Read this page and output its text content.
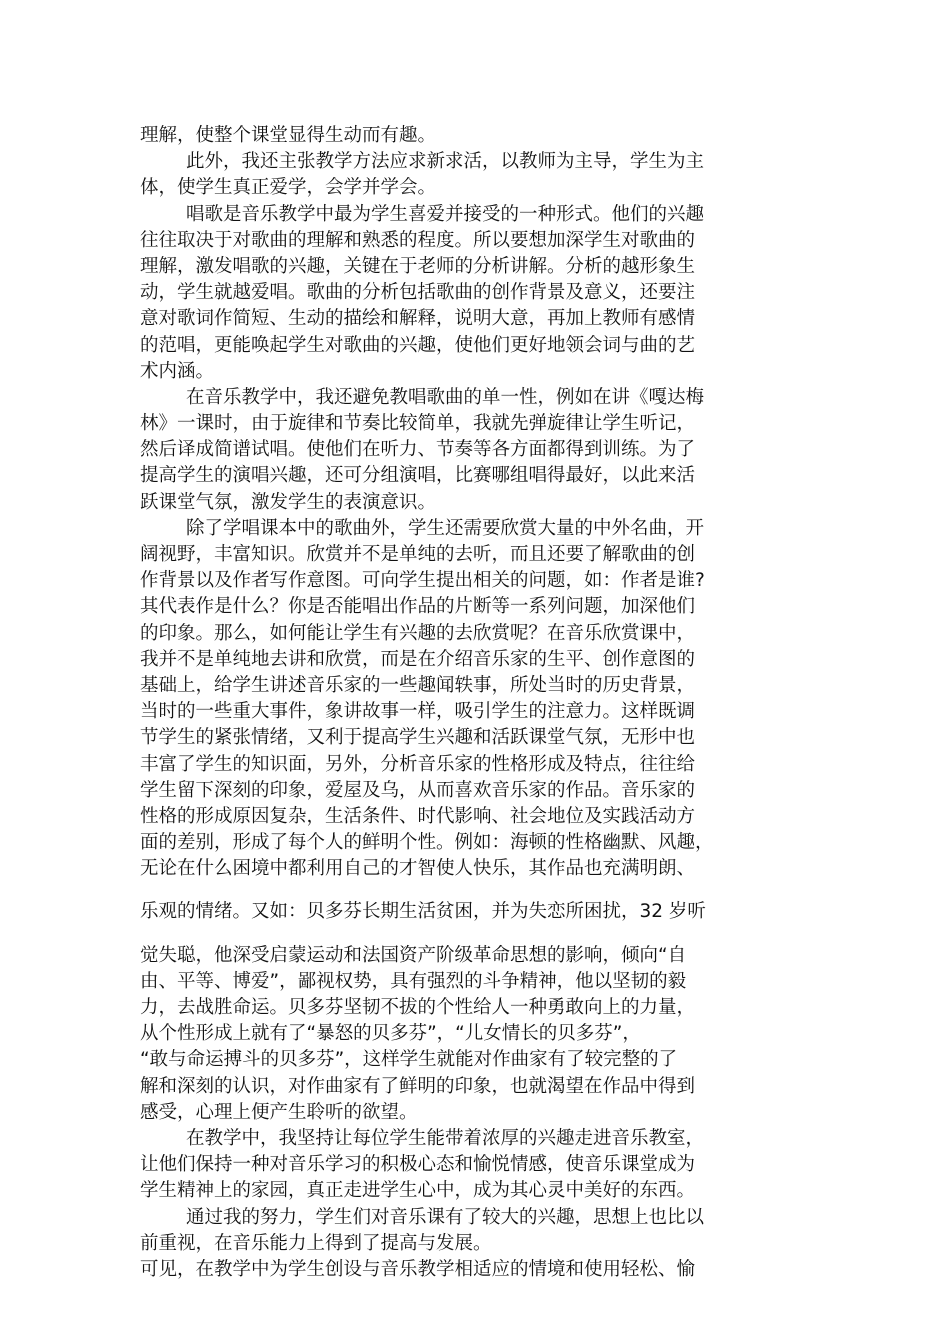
理解，使整个课堂显得生动而有趣。
此外，我还主张教学方法应求新求活，以教师为主导，学生为主
体，使学生真正爱学，会学并学会。
唱歌是音乐教学中最为学生喜爱并接受的一种形式。他们的兴趣
往往取决于对歌曲的理解和熟悉的程度。所以要想加深学生对歌曲的
理解，激发唱歌的兴趣，关键在于老师的分析讲解。分析的越形象生
动，学生就越爱唱。歌曲的分析包括歌曲的创作背景及意义，还要注
意对歌词作简短、生动的描绘和解释，说明大意，再加上教师有感情
的范唱，更能唤起学生对歌曲的兴趣，使他们更好地领会词与曲的艺
术内涵。
在音乐教学中，我还避免教唱歌曲的单一性，例如在讲《嘎达梅
林》一课时，由于旋律和节奏比较简单，我就先弹旋律让学生听记，
然后译成简谱试唱。使他们在听力、节奏等各方面都得到训练。为了
提高学生的演唱兴趣，还可分组演唱，比赛哪组唱得最好，以此来活
跃课堂气氛，激发学生的表演意识。
除了学唱课本中的歌曲外，学生还需要欣赏大量的中外名曲，开
阔视野，丰富知识。欣赏并不是单纯的去听，而且还要了解歌曲的创
作背景以及作者写作意图。可向学生提出相关的问题，如：作者是谁?
其代表作是什么？你是否能唱出作品的片断等一系列问题，加深他们
的印象。那么，如何能让学生有兴趣的去欣赏呢？在音乐欣赏课中，
我并不是单纯地去讲和欣赏，而是在介绍音乐家的生平、创作意图的
基础上，给学生讲述音乐家的一些趣闻轶事，所处当时的历史背景，
当时的一些重大事件，象讲故事一样，吸引学生的注意力。这样既调
节学生的紧张情绪，又利于提高学生兴趣和活跃课堂气氛，无形中也
丰富了学生的知识面，另外，分析音乐家的性格形成及特点，往往给
学生留下深刻的印象，爱屋及乌，从而喜欢音乐家的作品。音乐家的
性格的形成原因复杂，生活条件、时代影响、社会地位及实践活动方
面的差别，形成了每个人的鲜明个性。例如：海顿的性格幽默、风趣，
无论在什么困境中都利用自己的才智使人快乐，其作品也充满明朗、
乐观的情绪。又如：贝多芬长期生活贫困，并为失恋所困扰，32 岁听
觉失聪，他深受启蒙运动和法国资产阶级革命思想的影响，倾向“自
由、平等、博爱”，鄙视权势，具有强烈的斗争精神，他以坚韧的毅
力，去战胜命运。贝多芬坚韧不拔的个性给人一种勇敢向上的力量，
从个性形成上就有了“暴怒的贝多芬”，“儿女情长的贝多芬”，
“敢与命运搏斗的贝多芬”，这样学生就能对作曲家有了较完整的了
解和深刻的认识，对作曲家有了鲜明的印象，也就渴望在作品中得到
感受，心理上便产生聆听的欲望。
在教学中，我坚持让每位学生能带着浓厚的兴趣走进音乐教室，
让他们保持一种对音乐学习的积极心态和愉悦情感，使音乐课堂成为
学生精神上的家园，真正走进学生心中，成为其心灵中美好的东西。
通过我的努力，学生们对音乐课有了较大的兴趣，思想上也比以
前重视，在音乐能力上得到了提高与发展。
可见，在教学中为学生创设与音乐教学相适应的情境和使用轻松、愉
